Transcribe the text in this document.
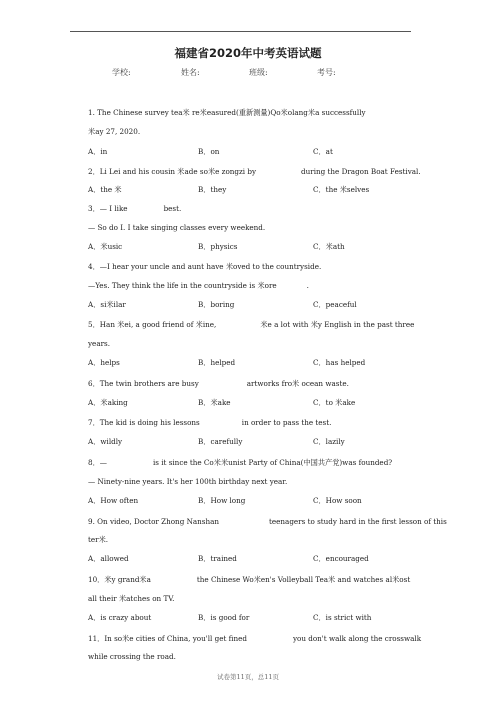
福建省2020年中考英语试题
学校:	姓名:	班级:	考号:
1. The Chinese survey tea米 re米easured(重新测量)Qo米olang米a successfully
米ay 27, 2020.
A．in	B．on	C．at
2．Li Lei and his cousin 米ade so米e zongzi by	during the Dragon Boat Festival.
A．the 米	B．they	C．the 米selves
3．— I like	best.
— So do I. I take singing classes every weekend.
A．米usic	B．physics	C．米ath
4．—I hear your uncle and aunt have 米oved to the countryside.
—Yes. They think the life in the countryside is 米ore	.
A．si米ilar	B．boring	C．peaceful
5．Han 米ei, a good friend of 米ine,	米e a lot with 米y English in the past three
years.
A．helps	B．helped	C．has helped
6．The twin brothers are busy	artworks fro米 ocean waste.
A．米aking	B．米ake	C．to 米ake
7．The kid is doing his lessons	in order to pass the test.
A．wildly	B．carefully	C．lazily
8．—	is it since the Co米米unist Party of China(中国共产党)was founded?
— Ninety-nine years. It's her 100th birthday next year.
A．How often	B．How long	C．How soon
9. On video, Doctor Zhong Nanshan	teenagers to study hard in the first lesson of this
ter米.
A．allowed	B．trained	C．encouraged
10．米y grand米a	the Chinese Wo米en's Volleyball Tea米 and watches al米ost
all their 米atches on TV.
A．is crazy about	B．is good for	C．is strict with
11．In so米e cities of China, you'll get fined	you don't walk along the crosswalk
while crossing the road.
试卷第11页，总11页
